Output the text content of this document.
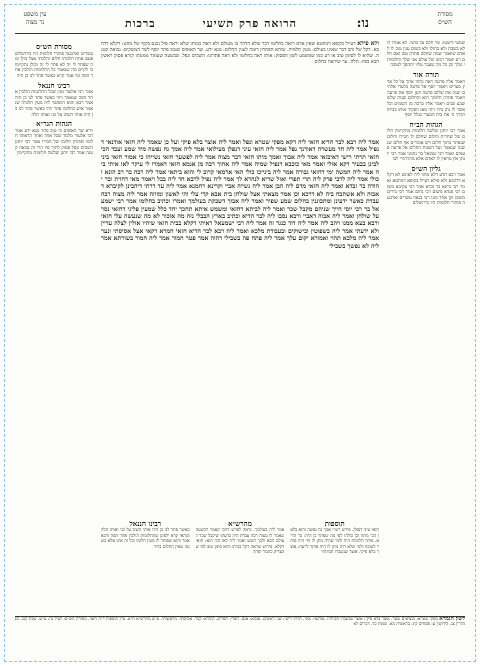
מסורת
הש״ס
נו:
הרואה פרק תשיעי
ברכות
עין משפט
נר מצוה
שמעי לישטו: ומי חלם על כושי. לא אמרו לו לא בשבת ולא בחולו ולא בשום ענין טוב לו לאדם שיאמר שמה שחלם פתרון טוב ואם חלם רע יאמר רבונו של עולם אני שלך וחלומותי שלך וכן כל מה שעבר עליו יתהפך לטובה
תורה אור
ויאמר אליו פרעה ראה נתתי אתך על כל ארץ מצרים ויאמר יוסף אל פרעה בלעדי אלהים יענה את שלום פרעה ויען יוסף את פרעה ויאמר פתרון חלומך הוא והחלום שנות שלש שבע שנים ויאמר אליו ברכה מן השמים וכל אשר לו נתן בידו ויהי מאז הפקיד אותו בביתו ויברך ה׳ את בית המצרי בגלל יוסף
הגהות הב״ח
אמר רבי יוחנן שלשה חלומות מתקיימין חלום של שחרית וחלום שחלם לו חבירו וחלום שנפתר בתוך חלום ויש אומרים אף חלום שנשנה שנאמר ועל השנות החלום אל פרעה פעמים ואמר רבי שמואל בר נחמני אמר רבי יונתן אין מראין לו לאדם אלא מהרהורי לבו
גליון הש״ס
אמר רבא תדע דלא מחוו ליה לאינש לא דקלא דדהבא ולא פילא דעייל בקופא דמחטא ואמר רבי ביזנא בר זבדא אמר רבי עקיבא משום רבי פנדא משום רבי נחום אמר רבי בירים משום זקן אחד ומנו רבי בנאה עשרים וארבעה פותרי חלומות היו בירושלים
ולא פילא דעייל בקופא דמחטא שאין אדם רואה בחלומו דבר שלא הרהר בו מעולם ולא ראה כמותו שלא יראה פיל נכנס בקוף של מחט: דקלא דדהבא. דקל של זהב דבר שאינו בעולם: מעין חלמיה. שיהא הפתרון דומה לענין החלום: מנא ידע. שר האופים שטוב פתר יוסף לשר המשקים: נבואה קטנה. שהיא לו לסימן טוב או רע כמו שמשמע לשון הפסוק: אותו ראה בחלומו ולא ראה פתרונו: השכים ונפל. שבשעה שעומד ממטתו קורא פסוק ראשון הבא בפיו: תלה. עד שיראה בחלום
אמר ליה רבא לבר הדיא חזאי ליה דקא מפקי שטרא ונפל ואמר ליה אוצר בלא פיקי ועל כן שאמר ליה חזאי אודנאי דנפיל אמר ליה חד מעשרה דאודנך נפל אמר ליה חזאי עיני דנפלן מעילואי אמר ליה אמך נח נפשה מיד שמע ועבד הכי חזאי תרתי רישי דאיבזאי אמר ליה אבוך ואמך מיתו חזאי דבר מצוה אמר ליה לפשעך חזאי נשייהו כי אמור חזאי ביני לבינן בבעיר דקא אזלי ואמר מאי כוכבא דנפיל שמיה אמר ליה אחוך רבה מן אגמא חזאי דאמרו לי עיקר לאו איתי ביה אמר ליה חמשה ימי דחזאי גבורה אמר ליה בינייכו כולי האי ארמאי קרוב לי והוא ביתאי אמר ליה רבה בר רב הונא וכולי אמר ליה לרבי פרק ליה תרי תפרי ואזל שדיא לנהרא לך אמר ליה נפיל לרבא חד ליה בבל ויאמר מאי דחזית ובר יהודה בר זבדא ואמר ליה חזאי מדם ליה הבן אמר ליה נשייה אביי וקרינא רחמנא אמר ליה עד דרתי דיהבינן לקיברא דאבוה ולא אשתכח ביה לא דרכא וכן אמר מצאתי אצל שולחן בית אבא קרי עלי והי לאשון ומזוזה אמר ליה מצוה רבה עבדת כאשר ידעינן ומתכוננין בחלום שמע שפיר ואמר ליה אבוך דשבקת בעולמך ואמרו וכתיב בחלומו אמר רבי ישמעאל בר רבי יוסי חייך שניהם מקבל שכר ואמר ליה לביתא דחזאי ומשמש איתא תחכך יחד כלל שמעין פליגי דחזאי נסר על שולחן ואמר ליה אבוה דאביי ורבא נסבו ליה לבר הדיא וכתיב בארץ הבבלי נזה מה אזכור לא מה שנעשה עלי חזאי ורבא בעא ממנו ויהב ליה אמר ליה דוד כנגד זה אמר ליה רבי ישמעאל ראיתי דקלא בבית חזאי שיהיו אזלין לצלה עדיין ולא ידעתי אמר ליה בשפוטין ובישוקים ובעבודת מלכא ואמר ליה רבא לבר הדיא חזאי חמרא דקאי אצל אסיסתי ונער אמר ליה מלכא תהוי ואמורא יקום עלך אמר ליה פתח פה בשבילי דהוה אמר פטר חמור אמר ליה חמור בשורתא אמר ליה לא נפשך בשבילי
תוספות
חזאי עיני דנפלן. פירש רש״י אמך נח נפשה והוא בלאו הכי מתה וכן כולהו לפי מה שפתר כן היה: בר הדיא. פותר חלומות היה ולמי שהיה נותן לו זוזי היה פותר לטובה ולמי שלא היה נותן לו היה פותר לרעה: אוצר בלא פיקי. אוצר שנשברו חביותיו
מהרש״א
אמר ליה בעולמך. נראה לפרש דהכי קאמר דבשעה שאמר לו מצוה רבה עבדת היה בדעתו שיקבל שכר לעולם הבא ולכך חשש ואמר ליה לאו הכי הוא: חזאי דקלא. פירוש שראה דקל בביתו והוא סימן טוב לפי שהצדיק כתמר יפרח
רבינו חננאל
כאשר פתר לנו כן היה אותי השיב על כני ואותו תלה ומהאי קרא ילפינן שהחלומות הולכין אחר הפה ורבא אמר והוא שפותר לו מעין חלומו וכל זה אינו אלא בשעה שאין החלום ברור
מסורת הש״ס
עשרים וארבעה פותרי חלומות היו בירושלים פעם אחת חלמתי חלום והלכתי אצל כולן ומה שפתר לי זה לא פתר לי זה וכולן נתקיימו בי לקיים מה שנאמר כל החלומות הולכין אחר הפה ומי אמר קרא כאשר פתר לנו כן היה
רבינו חננאל
אמר רבי אלעזר מנין שכל החלומות הולכין אחר הפה שנאמר ויהי כאשר פתר לנו כן היה אמר רבא והוא דמפשר ליה מעין חלמיה שנאמר איש כחלומו פתר ויהי כאשר פתר לנו כן היה אותי השיב על כני ואותו תלה
הגהות הגר״א
וירא שר האופים כי טוב פתר מנא ידע אמר רבי אלעזר מלמד שכל אחד ואחד הראוהו חלומו ופתרון חלומו של חבירו אמר רבי יוחנן השכים ונפל פסוק לתוך פיו הרי זה נבואה קטנה אמר רבי יוחנן שלשה חלומות מתקיימין
לשון הגמרא מפקי שטרא: מוציאים שטר. אוצר בלא פיקי: אוצר שנשברו חביותיו. אודנאי: אזני. תרתי רישי: שני ראשים. אגמא: אגם. תפרי: תפרים. קיברא: קבר. אסיסתי: מראשותי. ע״ש מהרש״א ח״א. עיין תוספות ד״ה חזאי. מסורת הש״ס: לעיל נה: ע״ש. שבת קנב. סנהדרין צג. קידושין ע: פסחים קיג. בראשית מא. שמות כד. דברים לא
